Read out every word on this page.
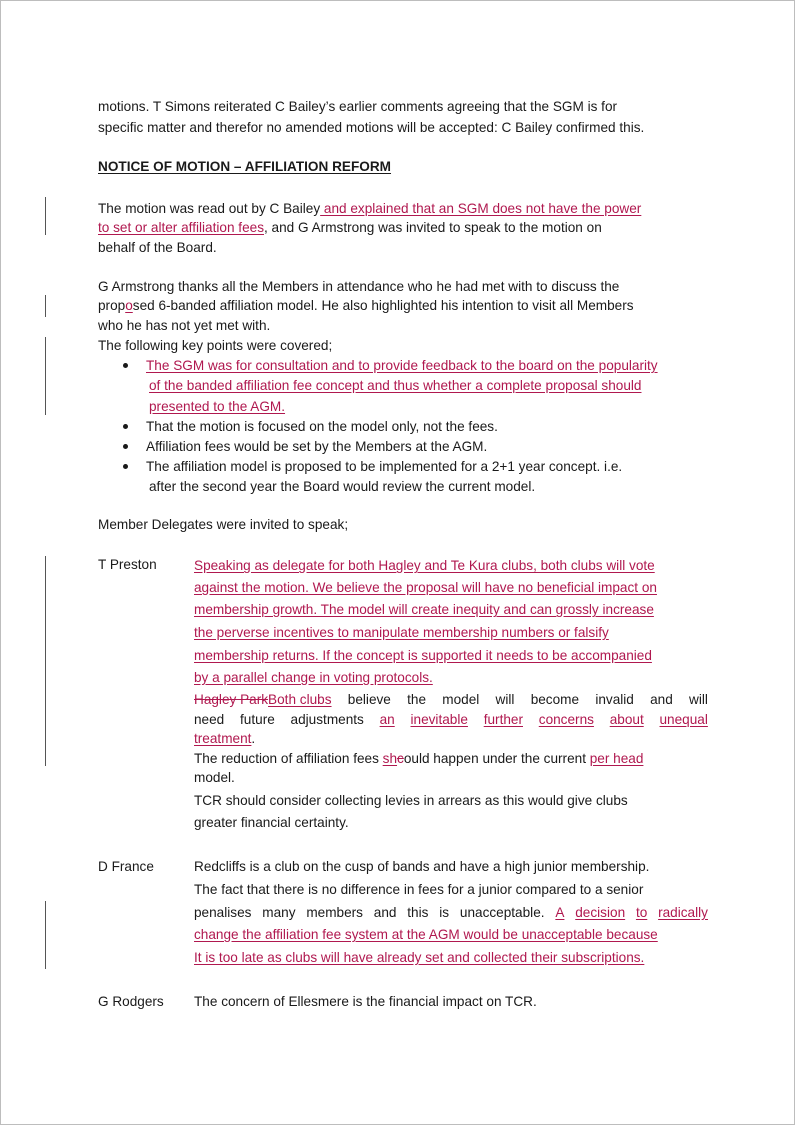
motions. T Simons reiterated C Bailey’s earlier comments agreeing that the SGM is for
specific matter and therefor no amended motions will be accepted: C Bailey confirmed this.
NOTICE OF MOTION – AFFILIATION REFORM
The motion was read out by C Bailey and explained that an SGM does not have the power
to set or alter affiliation fees, and G Armstrong was invited to speak to the motion on
behalf of the Board.
G Armstrong thanks all the Members in attendance who he had met with to discuss the
proposed 6-banded affiliation model. He also highlighted his intention to visit all Members
who he has not yet met with.
The following key points were covered;
The SGM was for consultation and to provide feedback to the board on the popularity
of the banded affiliation fee concept and thus whether a complete proposal should
presented to the AGM.
That the motion is focused on the model only, not the fees.
Affiliation fees would be set by the Members at the AGM.
The affiliation model is proposed to be implemented for a 2+1 year concept. i.e.
after the second year the Board would review the current model.
Member Delegates were invited to speak;
T Preston	Speaking as delegate for both Hagley and Te Kura clubs, both clubs will vote
against the motion. We believe the proposal will have no beneficial impact on
membership growth. The model will create inequity and can grossly increase
the perverse incentives to manipulate membership numbers or falsify
membership returns. If the concept is supported it needs to be accompanied
by a parallel change in voting protocols.
Hagley ParkBoth clubs believe the model will become invalid and will
need future adjustments an inevitable further concerns about unequal
treatment.
The reduction of affiliation fees shcould happen under the current per head
model.
TCR should consider collecting levies in arrears as this would give clubs
greater financial certainty.
D France	Redcliffs is a club on the cusp of bands and have a high junior membership.
The fact that there is no difference in fees for a junior compared to a senior
penalises many members and this is unacceptable. A decision to radically
change the affiliation fee system at the AGM would be unacceptable because
It is too late as clubs will have already set and collected their subscriptions.
G Rodgers The concern of Ellesmere is the financial impact on TCR.
